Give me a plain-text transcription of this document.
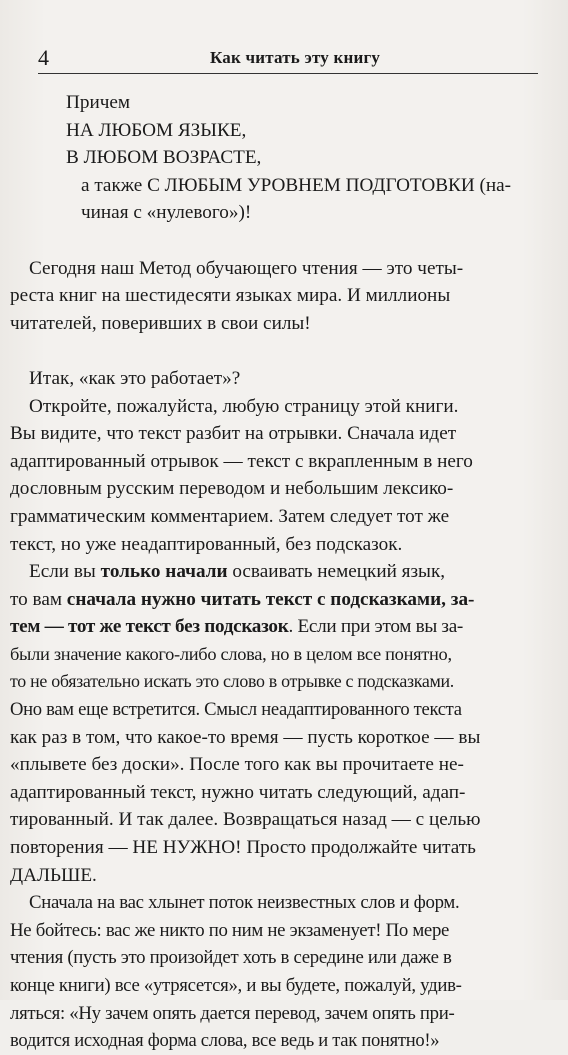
4	Как читать эту книгу
Причем
НА ЛЮБОМ ЯЗЫКЕ,
В ЛЮБОМ ВОЗРАСТЕ,
а также С ЛЮБЫМ УРОВНЕМ ПОДГОТОВКИ (на-
чиная с «нулевого»)!
Сегодня наш Метод обучающего чтения — это четы-
реста книг на шестидесяти языках мира. И миллионы
читателей, поверивших в свои силы!
Итак, «как это работает»?
Откройте, пожалуйста, любую страницу этой книги.
Вы видите, что текст разбит на отрывки. Сначала идет
адаптированный отрывок — текст с вкрапленным в него
дословным русским переводом и небольшим лексико-
грамматическим комментарием. Затем следует тот же
текст, но уже неадаптированный, без подсказок.
Если вы только начали осваивать немецкий язык,
то вам сначала нужно читать текст с подсказками, за-
тем — тот же текст без подсказок. Если при этом вы за-
были значение какого-либо слова, но в целом все понятно,
то не обязательно искать это слово в отрывке с подсказками.
Оно вам еще встретится. Смысл неадаптированного текста
как раз в том, что какое-то время — пусть короткое — вы
«плывете без доски». После того как вы прочитаете не-
адаптированный текст, нужно читать следующий, адап-
тированный. И так далее. Возвращаться назад — с целью
повторения — НЕ НУЖНО! Просто продолжайте читать
ДАЛЬШЕ.
Сначала на вас хлынет поток неизвестных слов и форм.
Не бойтесь: вас же никто по ним не экзаменует! По мере
чтения (пусть это произойдет хоть в середине или даже в
конце книги) все «утрясется», и вы будете, пожалуй, удив-
ляться: «Ну зачем опять дается перевод, зачем опять при-
водится исходная форма слова, все ведь и так понятно!»
